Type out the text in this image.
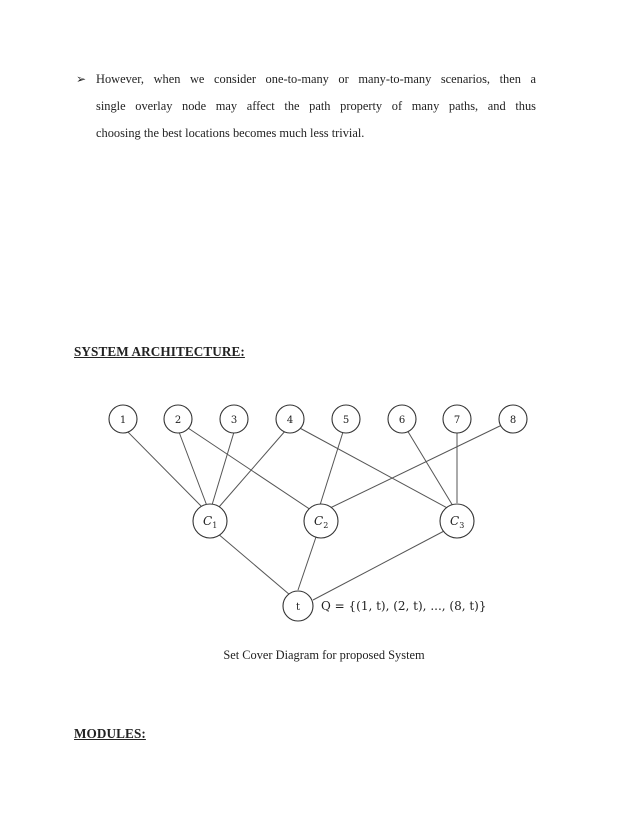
➢ However, when we consider one-to-many or many-to-many scenarios, then a
single overlay node may affect the path property of many paths, and thus
choosing the best locations becomes much less trivial.
SYSTEM ARCHITECTURE:
1	2	3	4	5	6	7	8
$C_1$	$C_2$	$C_3$
t Q = {(1, t), (2, t), ..., (8, t)}
Set Cover Diagram for proposed System
MODULES:
